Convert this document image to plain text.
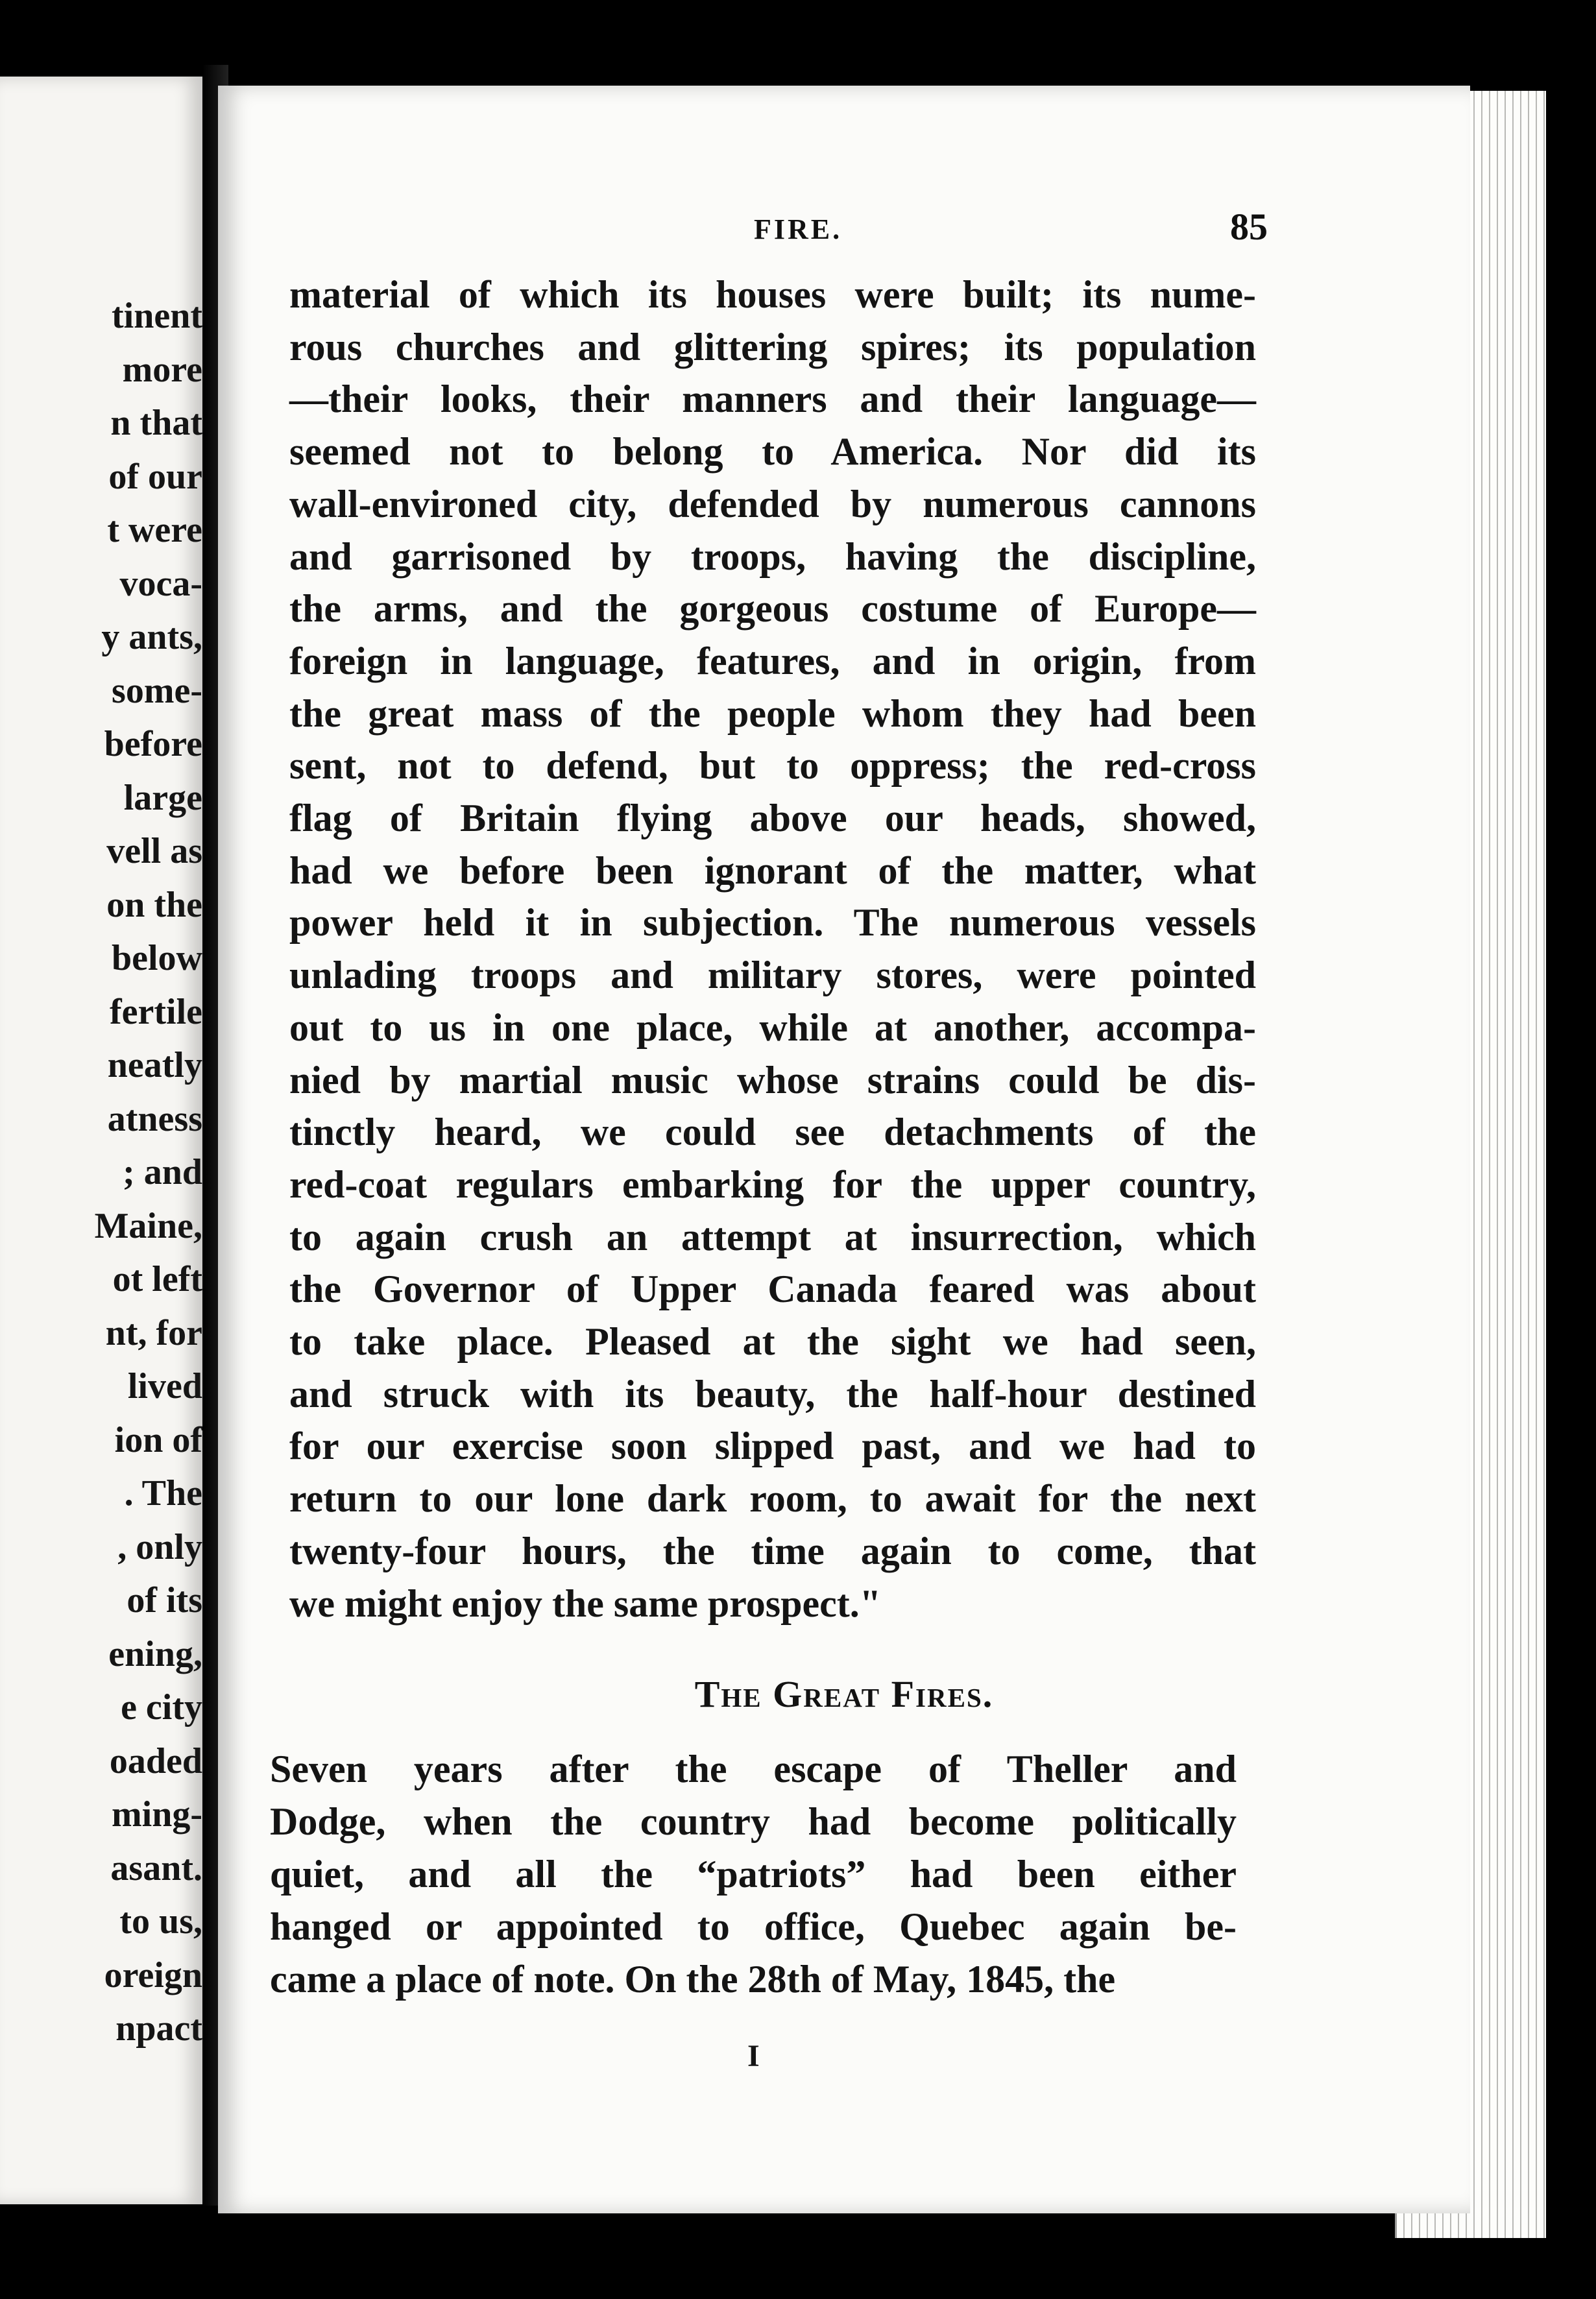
tinent
more
n that
of our
t were
voca-
y ants,
some-
before
large
vell as
on the
below
fertile
neatly
atness
; and
Maine,
ot left
nt, for
lived
ion of
. The
, only
of its
ening,
e city
oaded
ming-
asant.
to us,
oreign
npact
FIRE.	85
material of which its houses were built; its nume-
rous churches and glittering spires; its population
—their looks, their manners and their language—
seemed not to belong to America. Nor did its
wall-environed city, defended by numerous cannons
and garrisoned by troops, having the discipline,
the arms, and the gorgeous costume of Europe—
foreign in language, features, and in origin, from
the great mass of the people whom they had been
sent, not to defend, but to oppress; the red-cross
flag of Britain flying above our heads, showed,
had we before been ignorant of the matter, what
power held it in subjection. The numerous vessels
unlading troops and military stores, were pointed
out to us in one place, while at another, accompa-
nied by martial music whose strains could be dis-
tinctly heard, we could see detachments of the
red-coat regulars embarking for the upper country,
to again crush an attempt at insurrection, which
the Governor of Upper Canada feared was about
to take place. Pleased at the sight we had seen,
and struck with its beauty, the half-hour destined
for our exercise soon slipped past, and we had to
return to our lone dark room, to await for the next
twenty-four hours, the time again to come, that
we might enjoy the same prospect."
The Great Fires.
Seven years after the escape of Theller and
Dodge, when the country had become politically
quiet, and all the “patriots” had been either
hanged or appointed to office, Quebec again be-
came a place of note. On the 28th of May, 1845, the
I
